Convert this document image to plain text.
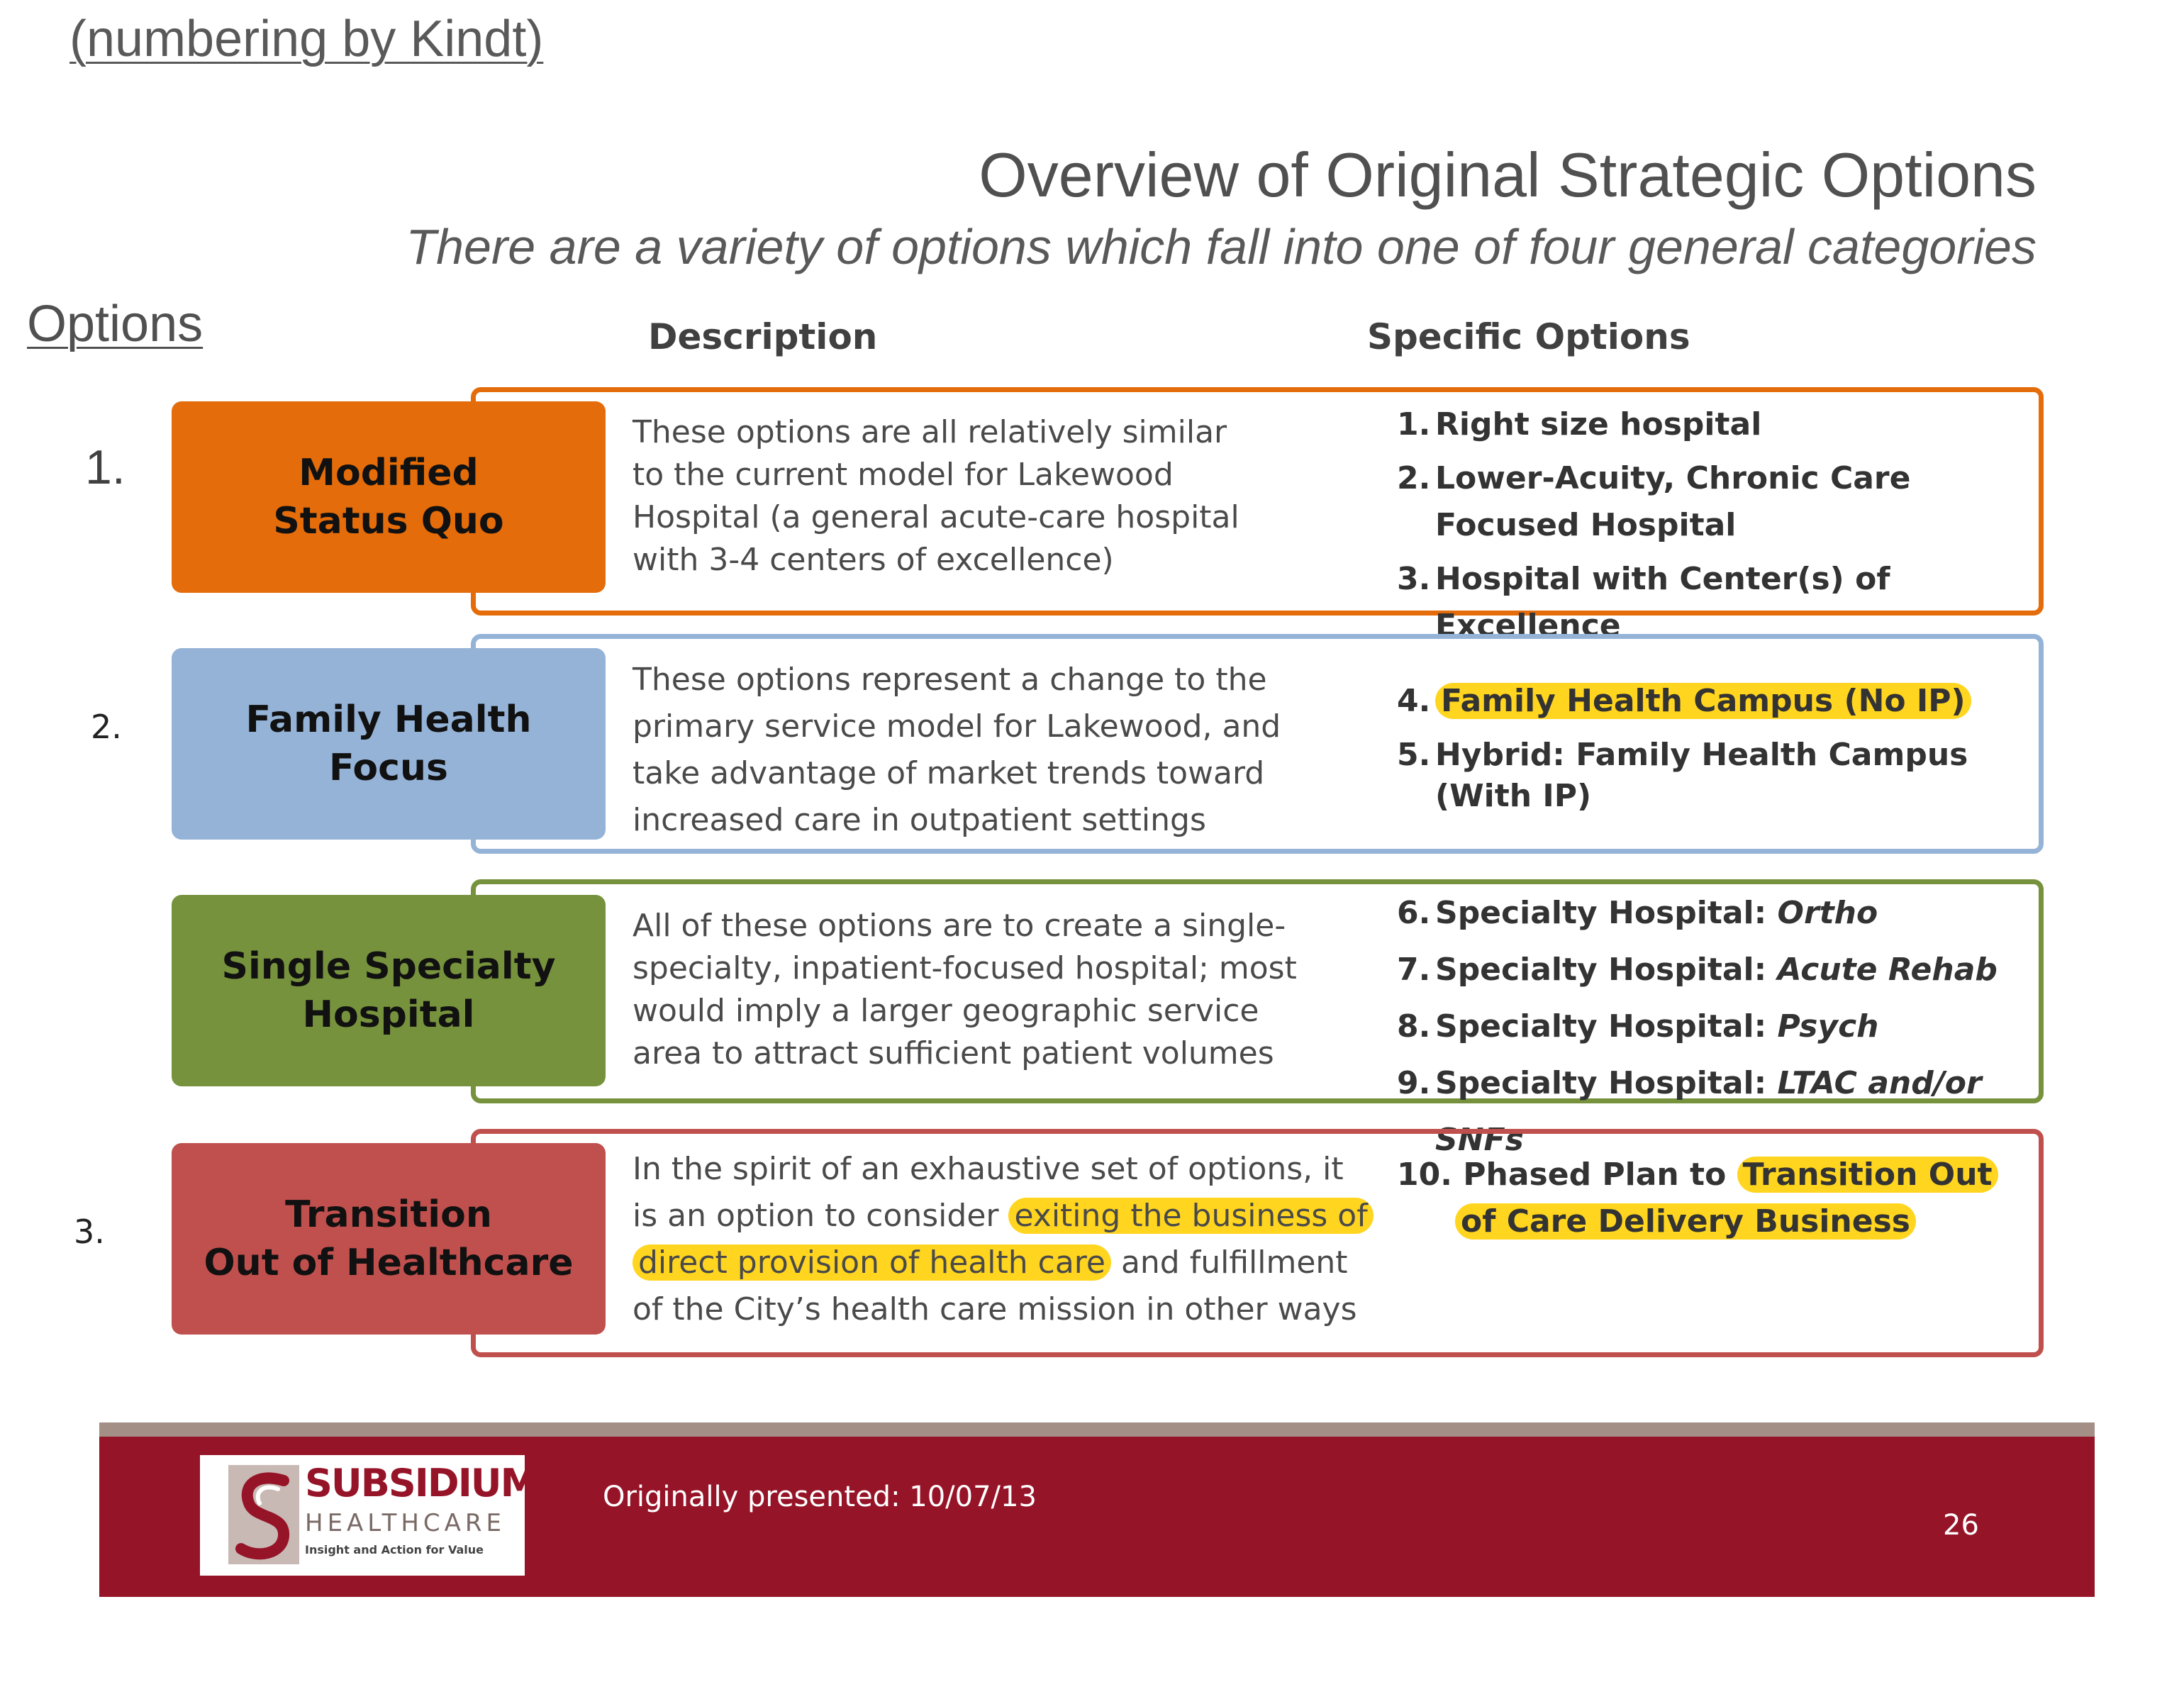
(numbering by Kindt)
Overview of Original Strategic Options
There are a variety of options which fall into one of four general categories
Options	Description	Specific Options
1.	Modified
Status Quo
These options are all relatively similar
to the current model for Lakewood
Hospital (a general acute-care hospital
with 3-4 centers of excellence)
1. Right size hospital
2. Lower-Acuity, Chronic Care Focused Hospital
3. Hospital with Center(s) of Excellence
2.	Family Health
Focus
These options represent a change to the
primary service model for Lakewood, and
take advantage of market trends toward
increased care in outpatient settings
4. Family Health Campus (No IP)
5. Hybrid: Family Health Campus (With IP)
Single Specialty
Hospital
All of these options are to create a single-
specialty, inpatient-focused hospital; most
would imply a larger geographic service
area to attract sufficient patient volumes
6. Specialty Hospital: Ortho
7. Specialty Hospital: Acute Rehab
8. Specialty Hospital: Psych
9. Specialty Hospital: LTAC and/or SNFs
3.	Transition
Out of Healthcare
In the spirit of an exhaustive set of options, it
is an option to consider exiting the business of
direct provision of health care and fulfillment
of the City’s health care mission in other ways
10. Phased Plan to Transition Out
of Care Delivery Business
SUBSIDIUM®
HEALTHCARE
Insight and Action for Value
Originally presented: 10/07/13
26
